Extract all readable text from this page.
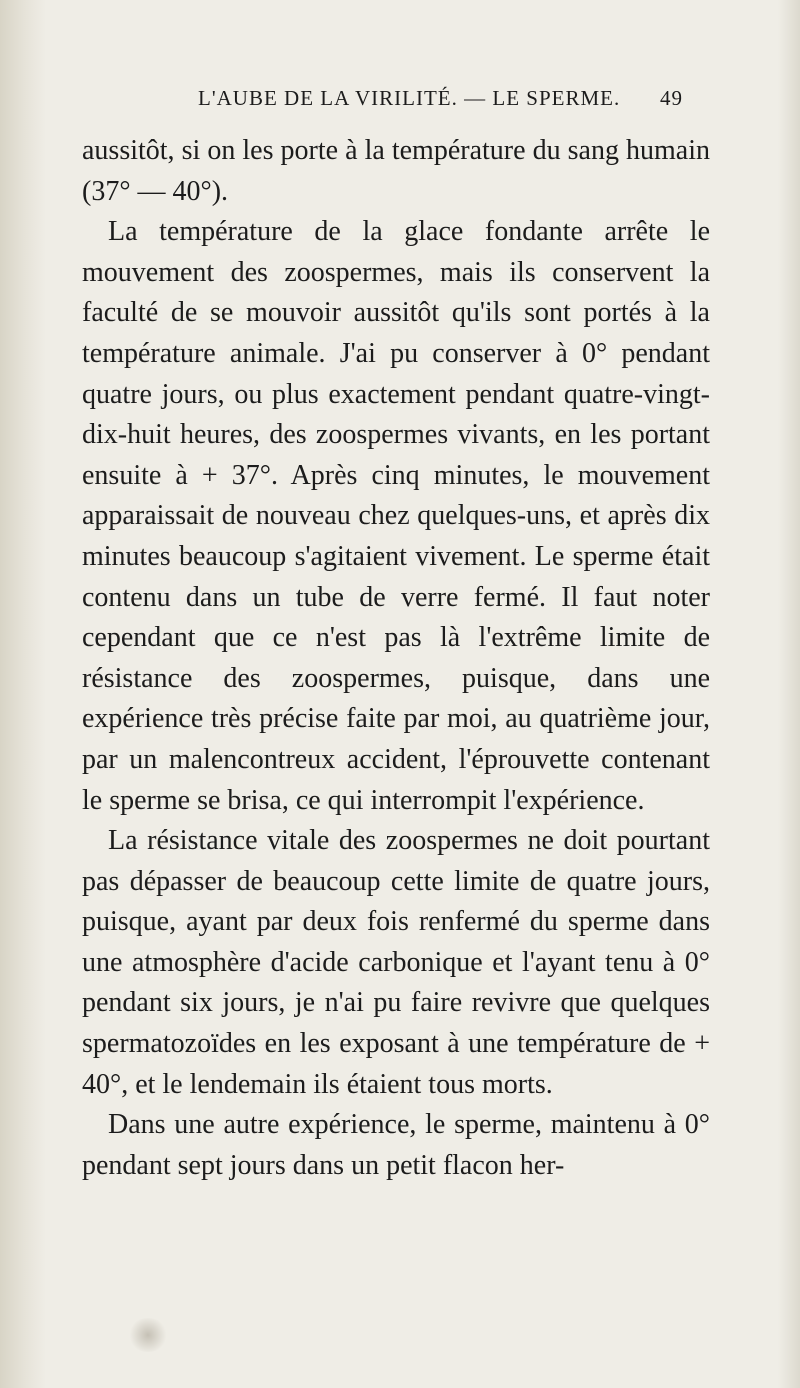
L'AUBE DE LA VIRILITÉ. — LE SPERME. 49

aussitôt, si on les porte à la température du sang humain (37° — 40°).

La température de la glace fondante arrête le mouvement des zoospermes, mais ils conservent la faculté de se mouvoir aussitôt qu'ils sont portés à la température animale. J'ai pu conserver à 0° pendant quatre jours, ou plus exactement pendant quatre-vingt-dix-huit heures, des zoospermes vivants, en les portant ensuite à + 37°. Après cinq minutes, le mouvement apparaissait de nouveau chez quelques-uns, et après dix minutes beaucoup s'agitaient vivement. Le sperme était contenu dans un tube de verre fermé. Il faut noter cependant que ce n'est pas là l'extrême limite de résistance des zoospermes, puisque, dans une expérience très précise faite par moi, au quatrième jour, par un malencontreux accident, l'éprouvette contenant le sperme se brisa, ce qui interrompit l'expérience.

La résistance vitale des zoospermes ne doit pourtant pas dépasser de beaucoup cette limite de quatre jours, puisque, ayant par deux fois renfermé du sperme dans une atmosphère d'acide carbonique et l'ayant tenu à 0° pendant six jours, je n'ai pu faire revivre que quelques spermatozoïdes en les exposant à une température de + 40°, et le lendemain ils étaient tous morts.

Dans une autre expérience, le sperme, maintenu à 0° pendant sept jours dans un petit flacon her-
